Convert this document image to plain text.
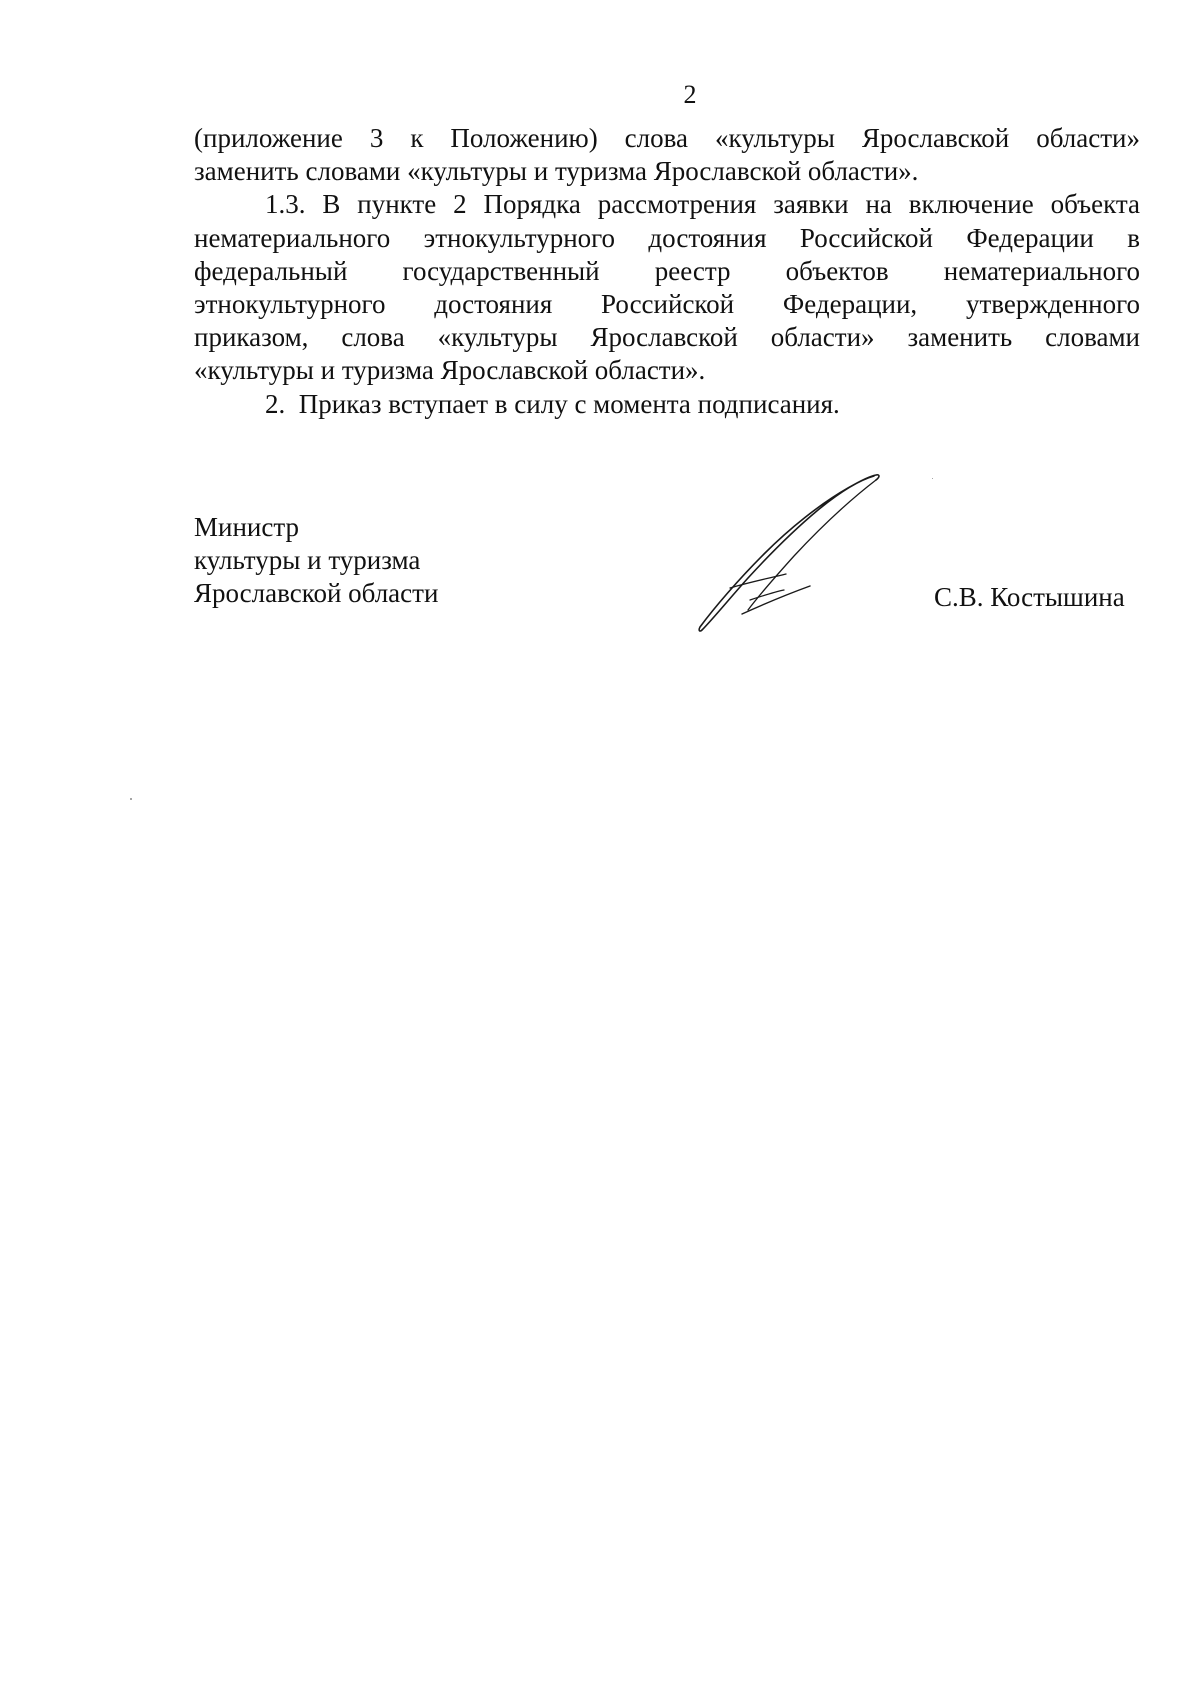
2

(приложение 3 к Положению) слова «культуры Ярославской области»
заменить словами «культуры и туризма Ярославской области».

1.3. В пункте 2 Порядка рассмотрения заявки на включение объекта
нематериального этнокультурного достояния Российской Федерации в
федеральный государственный реестр объектов нематериального
этнокультурного достояния Российской Федерации, утвержденного
приказом, слова «культуры Ярославской области» заменить словами
«культуры и туризма Ярославской области».

2.  Приказ вступает в силу с момента подписания.

Министр
культуры и туризма
Ярославской области	С.В. Костышина
